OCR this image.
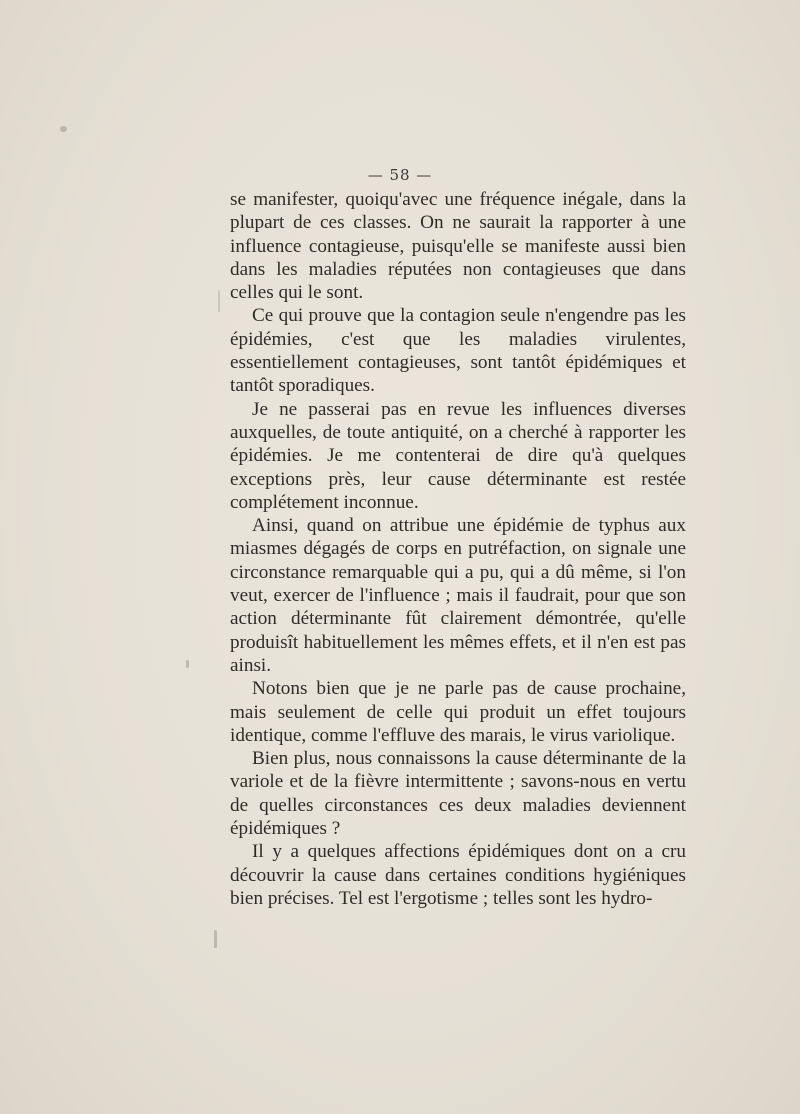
— 58 —

se manifester, quoiqu'avec une fréquence inégale, dans la plupart de ces classes. On ne saurait la rapporter à une influence contagieuse, puisqu'elle se manifeste aussi bien dans les maladies réputées non contagieuses que dans celles qui le sont.

Ce qui prouve que la contagion seule n'engendre pas les épidémies, c'est que les maladies virulentes, essentiellement contagieuses, sont tantôt épidémiques et tantôt sporadiques.

Je ne passerai pas en revue les influences diverses auxquelles, de toute antiquité, on a cherché à rapporter les épidémies. Je me contenterai de dire qu'à quelques exceptions près, leur cause déterminante est restée complétement inconnue.

Ainsi, quand on attribue une épidémie de typhus aux miasmes dégagés de corps en putréfaction, on signale une circonstance remarquable qui a pu, qui a dû même, si l'on veut, exercer de l'influence ; mais il faudrait, pour que son action déterminante fût clairement démontrée, qu'elle produisît habituellement les mêmes effets, et il n'en est pas ainsi.

Notons bien que je ne parle pas de cause prochaine, mais seulement de celle qui produit un effet toujours identique, comme l'effluve des marais, le virus variolique.

Bien plus, nous connaissons la cause déterminante de la variole et de la fièvre intermittente ; savons-nous en vertu de quelles circonstances ces deux maladies deviennent épidémiques ?

Il y a quelques affections épidémiques dont on a cru découvrir la cause dans certaines conditions hygiéniques bien précises. Tel est l'ergotisme ; telles sont les hydro-
